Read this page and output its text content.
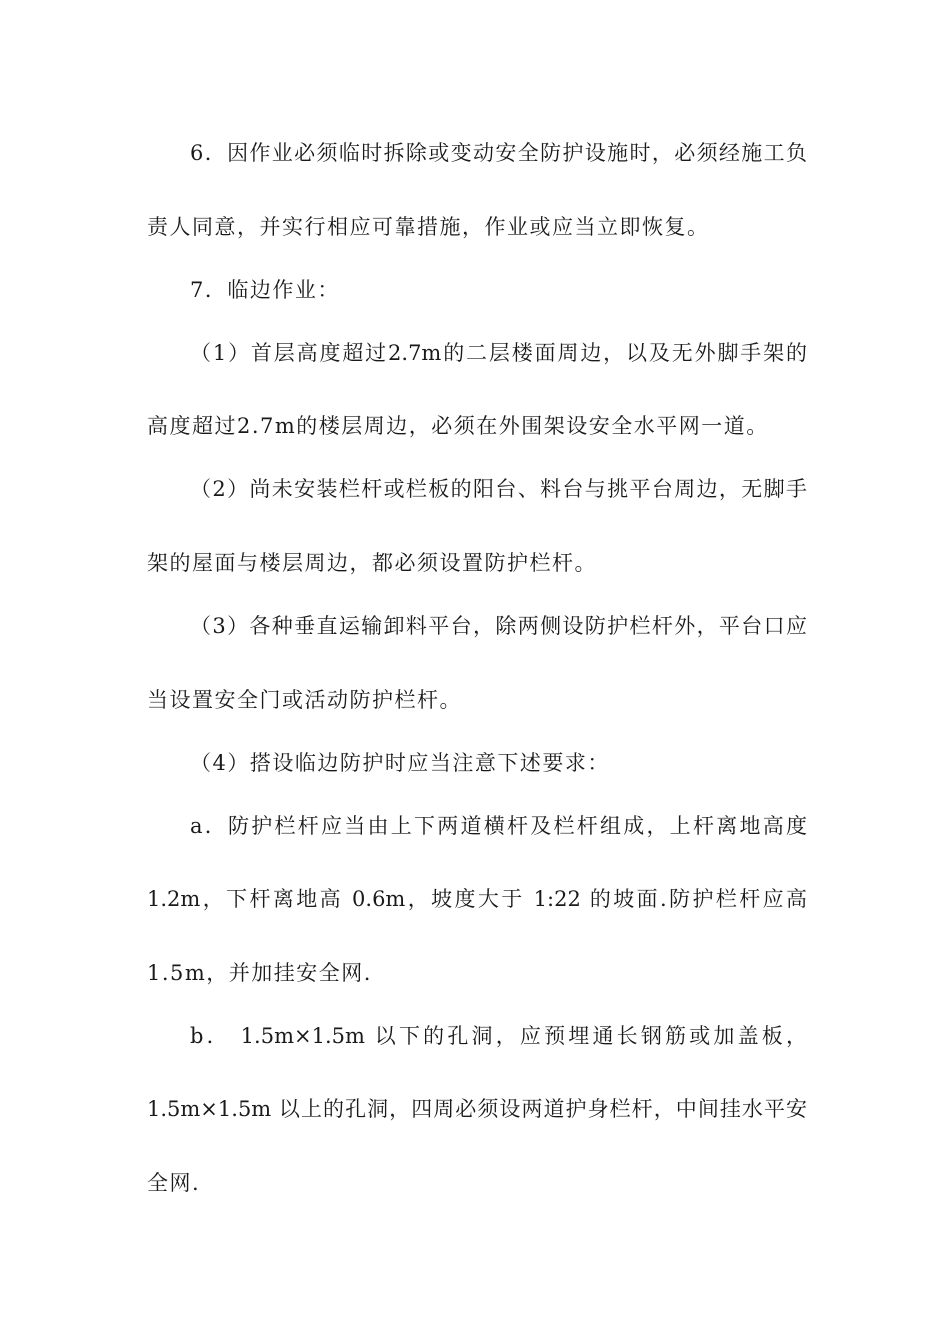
6．因作业必须临时拆除或变动安全防护设施时，必须经施工负
责人同意，并实行相应可靠措施，作业或应当立即恢复。
7．临边作业：
（1）首层高度超过2.7m的二层楼面周边，以及无外脚手架的
高度超过2.7m的楼层周边，必须在外围架设安全水平网一道。
（2）尚未安装栏杆或栏板的阳台、料台与挑平台周边，无脚手
架的屋面与楼层周边，都必须设置防护栏杆。
（3）各种垂直运输卸料平台，除两侧设防护栏杆外，平台口应
当设置安全门或活动防护栏杆。
（4）搭设临边防护时应当注意下述要求：
a．防护栏杆应当由上下两道横杆及栏杆组成，上杆离地高度
1.2m，下杆离地高 0.6m，坡度大于 1:22 的坡面.防护栏杆应高
1.5m，并加挂安全网.
b． 1.5m×1.5m 以下的孔洞，应预埋通长钢筋或加盖板，
1.5m×1.5m 以上的孔洞，四周必须设两道护身栏杆，中间挂水平安
全网.
